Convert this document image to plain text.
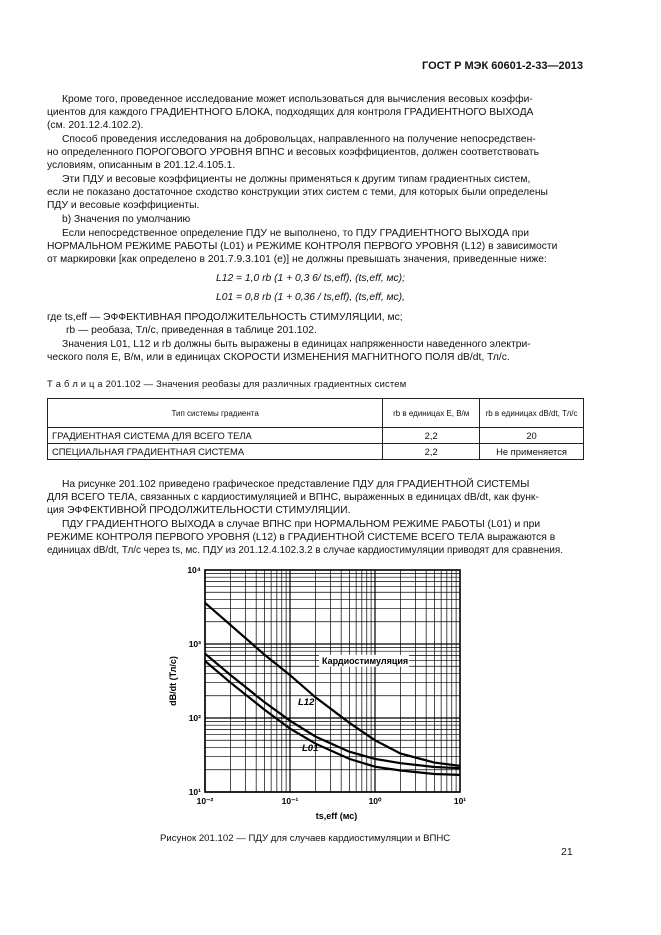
ГОСТ Р МЭК 60601-2-33—2013

Кроме того, проведенное исследование может использоваться для вычисления весовых коэффи-

циентов для каждого ГРАДИЕНТНОГО БЛОКА, подходящих для контроля ГРАДИЕНТНОГО ВЫХОДА

(см. 201.12.4.102.2).

Способ проведения исследования на добровольцах, направленного на получение непосредствен-

но определенного ПОРОГОВОГО УРОВНЯ ВПНС и весовых коэффициентов, должен соответствовать

условиям, описанным в 201.12.4.105.1.

Эти ПДУ и весовые коэффициенты не должны применяться к другим типам градиентных систем,

если не показано достаточное сходство конструкции этих систем с теми, для которых были определены

ПДУ и весовые коэффициенты.

b) Значения по умолчанию

Если непосредственное определение ПДУ не выполнено, то ПДУ ГРАДИЕНТНОГО ВЫХОДА при

НОРМАЛЬНОМ РЕЖИМЕ РАБОТЫ (L01) и РЕЖИМЕ КОНТРОЛЯ ПЕРВОГО УРОВНЯ (L12) в зависимости

от маркировки [как определено в 201.7.9.3.101 (e)] не должны превышать значения, приведенные ниже:

L12 = 1,0 rb (1 + 0,3 6/ ts,eff), (ts,eff, мс);

L01 = 0,8 rb (1 + 0,36 / ts,eff), (ts,eff, мс),

где ts,eff — ЭФФЕКТИВНАЯ ПРОДОЛЖИТЕЛЬНОСТЬ СТИМУЛЯЦИИ, мс;

rb — реобаза, Тл/с, приведенная в таблице 201.102.

Значения L01, L12 и rb должны быть выражены в единицах напряженности наведенного электри-

ческого поля E, В/м, или в единицах СКОРОСТИ ИЗМЕНЕНИЯ МАГНИТНОГО ПОЛЯ dB/dt, Тл/с.

Т а б л и ц а 201.102 — Значения реобазы для различных градиентных систем

Тип системы градиента	rb в единицах E, В/м	rb в единицах dB/dt, Тл/с
ГРАДИЕНТНАЯ СИСТЕМА ДЛЯ ВСЕГО ТЕЛА	2,2	20
СПЕЦИАЛЬНАЯ ГРАДИЕНТНАЯ СИСТЕМА	2,2	Не применяется

На рисунке 201.102 приведено графическое представление ПДУ для ГРАДИЕНТНОЙ СИСТЕМЫ

ДЛЯ ВСЕГО ТЕЛА, связанных с кардиостимуляцией и ВПНС, выраженных в единицах dB/dt, как функ-

ция ЭФФЕКТИВНОЙ ПРОДОЛЖИТЕЛЬНОСТИ СТИМУЛЯЦИИ.

ПДУ ГРАДИЕНТНОГО ВЫХОДА в случае ВПНС при НОРМАЛЬНОМ РЕЖИМЕ РАБОТЫ (L01) и при

РЕЖИМЕ КОНТРОЛЯ ПЕРВОГО УРОВНЯ (L12) в ГРАДИЕНТНОЙ СИСТЕМЕ ВСЕГО ТЕЛА выражаются в

единицах dB/dt, Тл/с через ts, мс. ПДУ из 201.12.4.102.3.2 в случае кардиостимуляции приводят для сравнения.

10⁻²	10⁻¹	10⁰	10¹
10¹
10²
10³
10⁴
Кардиостимуляция
L12
L01
dB/dt (Тл/с)
ts,eff (мс)
Рисунок 201.102 — ПДУ для случаев кардиостимуляции и ВПНС
21
